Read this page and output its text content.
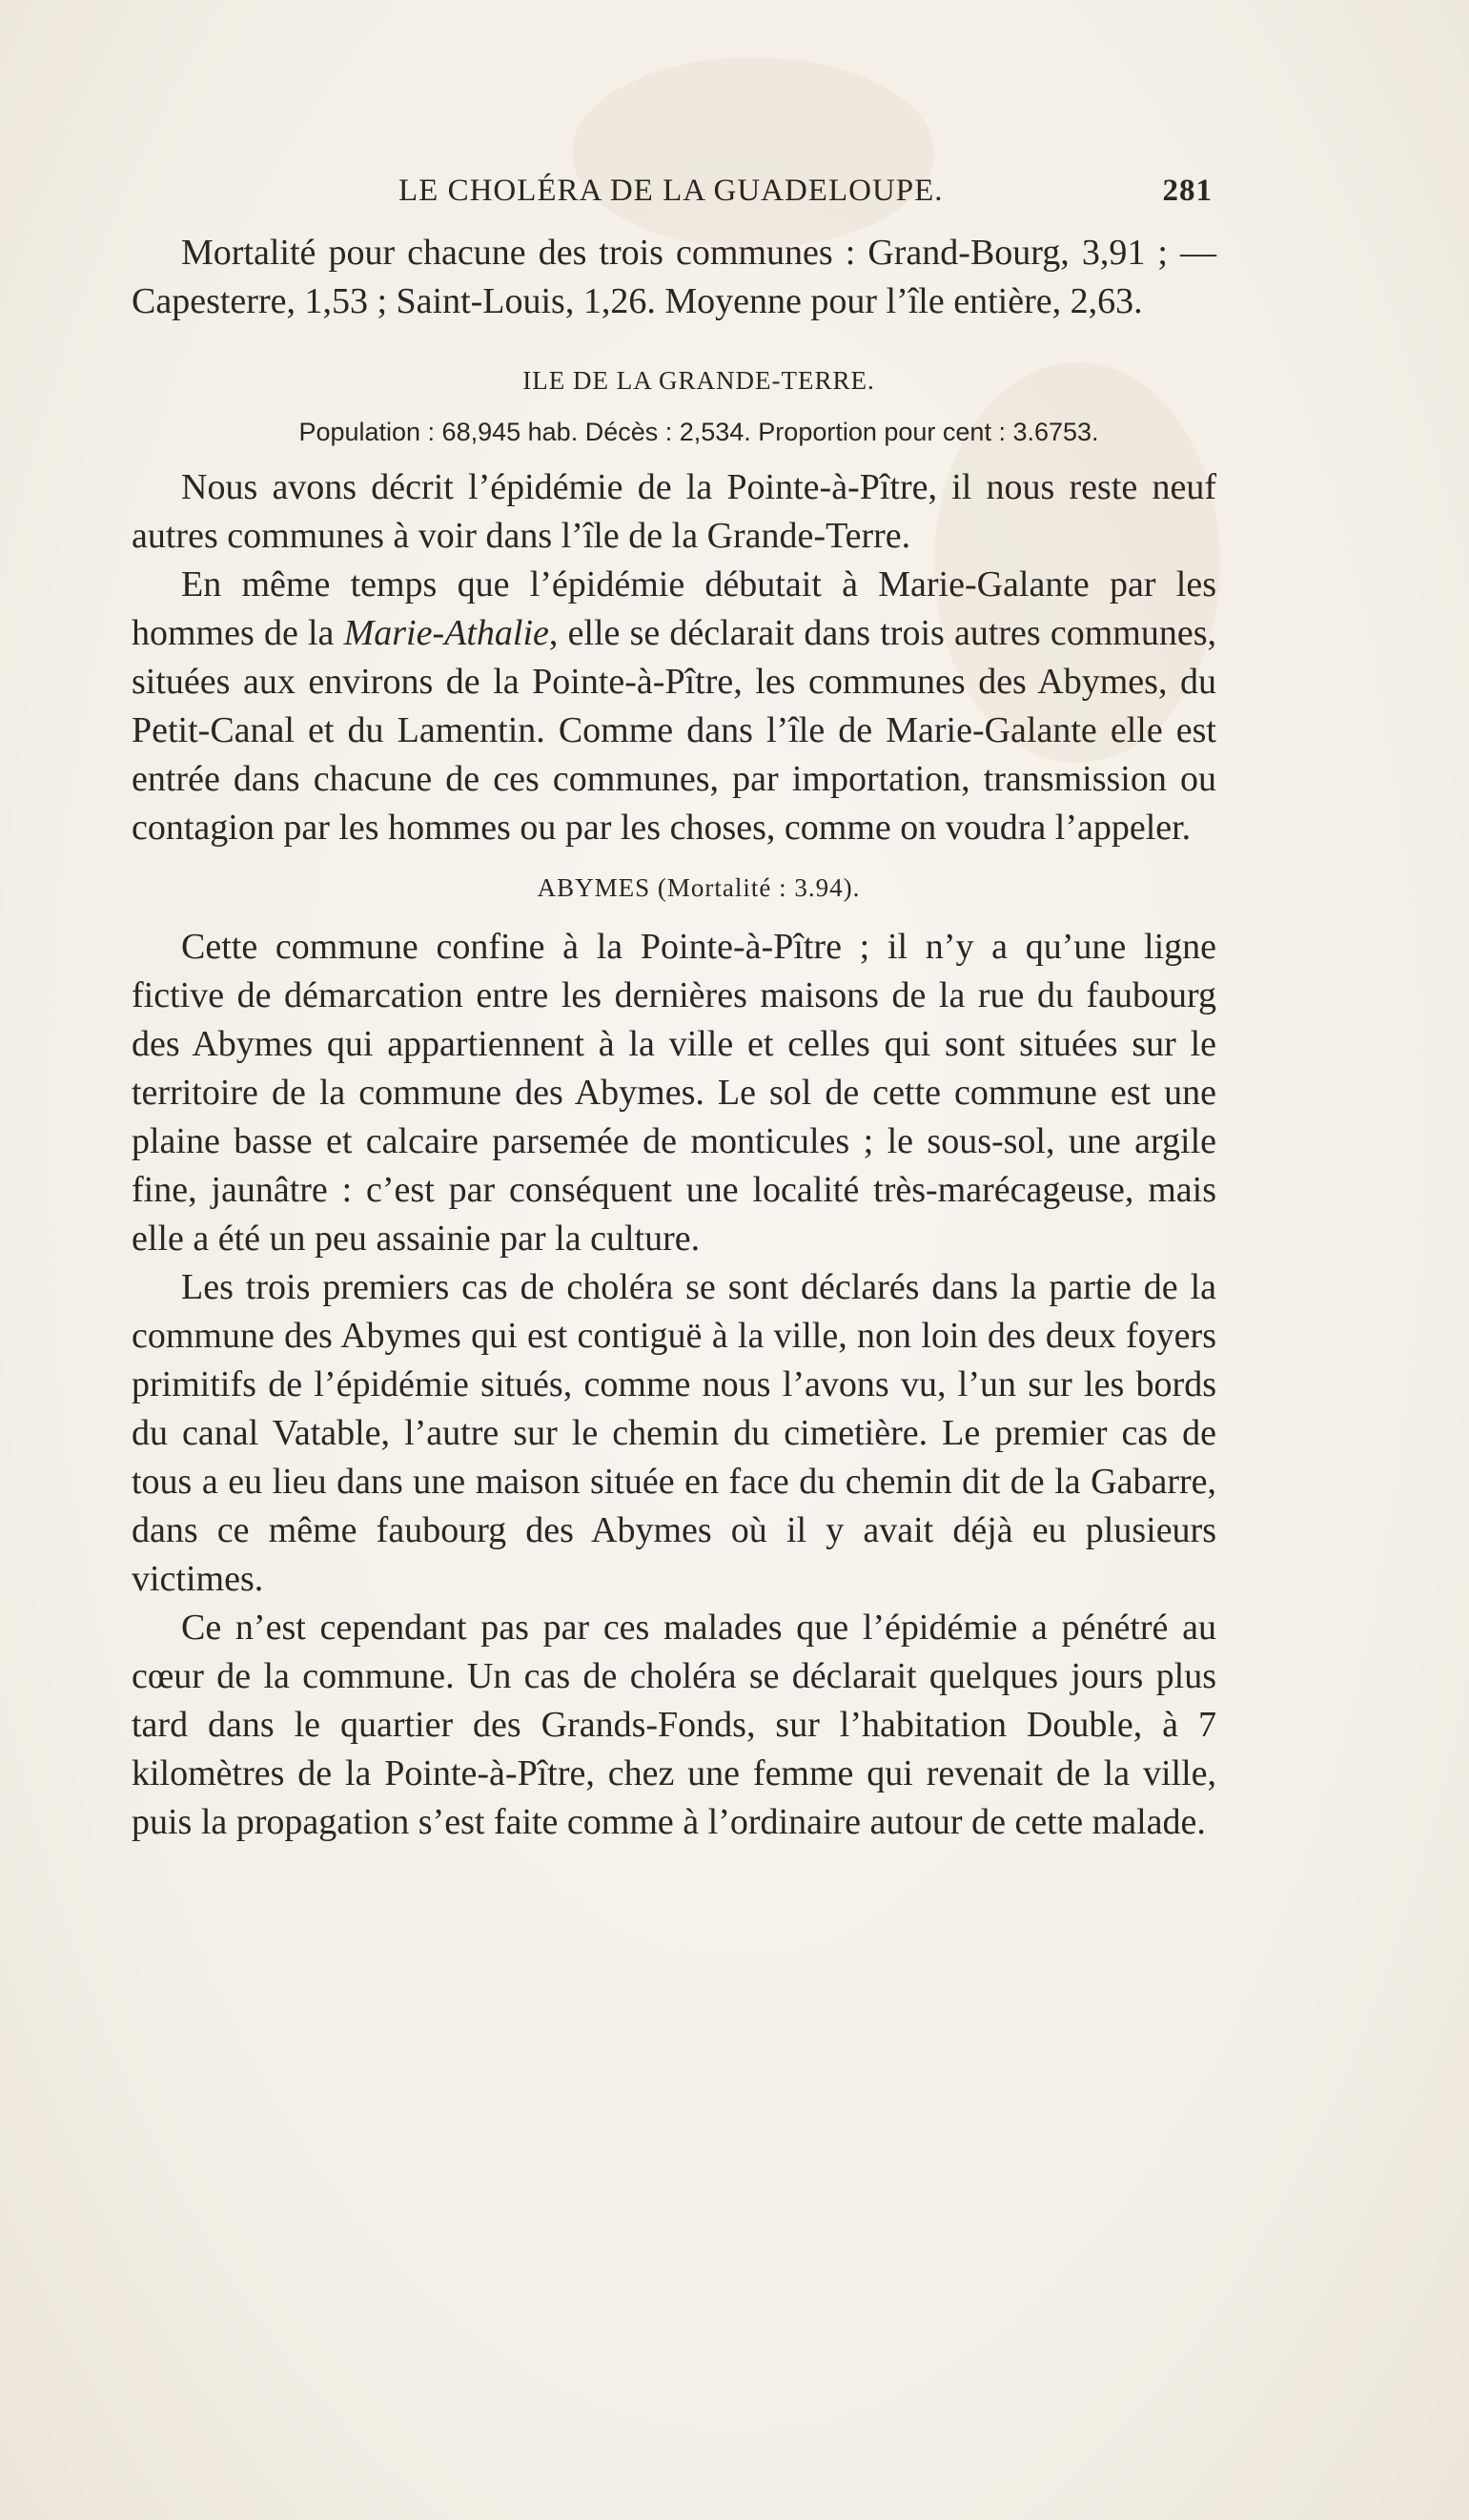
LE CHOLÉRA DE LA GUADELOUPE.	281

Mortalité pour chacune des trois communes : Grand-Bourg, 3,91 ; —Capesterre, 1,53 ; Saint-Louis, 1,26. Moyenne pour l’île entière, 2,63.

ILE DE LA GRANDE-TERRE.

Population : 68,945 hab. Décès : 2,534. Proportion pour cent : 3.6753.

Nous avons décrit l’épidémie de la Pointe-à-Pître, il nous reste neuf autres communes à voir dans l’île de la Grande-Terre.

En même temps que l’épidémie débutait à Marie-Galante par les hommes de la Marie-Athalie, elle se déclarait dans trois autres communes, situées aux environs de la Pointe-à-Pître, les communes des Abymes, du Petit-Canal et du Lamentin. Comme dans l’île de Marie-Galante elle est entrée dans chacune de ces communes, par importation, transmission ou contagion par les hommes ou par les choses, comme on voudra l’appeler.

ABYMES (Mortalité : 3.94).

Cette commune confine à la Pointe-à-Pître ; il n’y a qu’une ligne fictive de démarcation entre les dernières maisons de la rue du faubourg des Abymes qui appartiennent à la ville et celles qui sont situées sur le territoire de la commune des Abymes. Le sol de cette commune est une plaine basse et calcaire parsemée de monticules ; le sous-sol, une argile fine, jaunâtre : c’est par conséquent une localité très-marécageuse, mais elle a été un peu assainie par la culture.

Les trois premiers cas de choléra se sont déclarés dans la partie de la commune des Abymes qui est contiguë à la ville, non loin des deux foyers primitifs de l’épidémie situés, comme nous l’avons vu, l’un sur les bords du canal Vatable, l’autre sur le chemin du cimetière. Le premier cas de tous a eu lieu dans une maison située en face du chemin dit de la Gabarre, dans ce même faubourg des Abymes où il y avait déjà eu plusieurs victimes.

Ce n’est cependant pas par ces malades que l’épidémie a pénétré au cœur de la commune. Un cas de choléra se déclarait quelques jours plus tard dans le quartier des Grands-Fonds, sur l’habitation Double, à 7 kilomètres de la Pointe-à-Pître, chez une femme qui revenait de la ville, puis la propagation s’est faite comme à l’ordinaire autour de cette malade.
